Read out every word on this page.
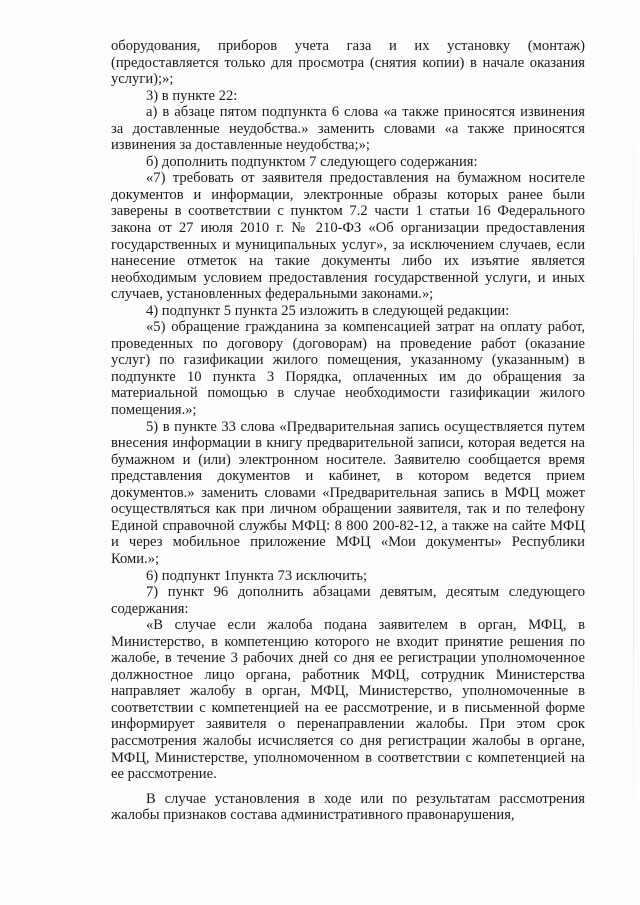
оборудования, приборов учета газа и их установку (монтаж) (предоставляется только для просмотра (снятия копии) в начале оказания услуги);»;

3) в пункте 22:

а) в абзаце пятом подпункта 6 слова «а также приносятся извинения за доставленные неудобства.» заменить словами «а также приносятся извинения за доставленные неудобства;»;

б) дополнить подпунктом 7 следующего содержания:

«7) требовать от заявителя предоставления на бумажном носителе документов и информации, электронные образы которых ранее были заверены в соответствии с пунктом 7.2 части 1 статьи 16 Федерального закона от 27 июля 2010 г. № 210-ФЗ «Об организации предоставления государственных и муниципальных услуг», за исключением случаев, если нанесение отметок на такие документы либо их изъятие является необходимым условием предоставления государственной услуги, и иных случаев, установленных федеральными законами.»;

4) подпункт 5 пункта 25 изложить в следующей редакции:

«5) обращение гражданина за компенсацией затрат на оплату работ, проведенных по договору (договорам) на проведение работ (оказание услуг) по газификации жилого помещения, указанному (указанным) в подпункте 10 пункта 3 Порядка, оплаченных им до обращения за материальной помощью в случае необходимости газификации жилого помещения.»;

5) в пункте 33 слова «Предварительная запись осуществляется путем внесения информации в книгу предварительной записи, которая ведется на бумажном и (или) электронном носителе. Заявителю сообщается время представления документов и кабинет, в котором ведется прием документов.» заменить словами «Предварительная запись в МФЦ может осуществляться как при личном обращении заявителя, так и по телефону Единой справочной службы МФЦ: 8 800 200-82-12, а также на сайте МФЦ и через мобильное приложение МФЦ «Мои документы» Республики Коми.»;

6) подпункт 1пункта 73 исключить;

7) пункт 96 дополнить абзацами девятым, десятым следующего содержания:

«В случае если жалоба подана заявителем в орган, МФЦ, в Министерство, в компетенцию которого не входит принятие решения по жалобе, в течение 3 рабочих дней со дня ее регистрации уполномоченное должностное лицо органа, работник МФЦ, сотрудник Министерства направляет жалобу в орган, МФЦ, Министерство, уполномоченные в соответствии с компетенцией на ее рассмотрение, и в письменной форме информирует заявителя о перенаправлении жалобы. При этом срок рассмотрения жалобы исчисляется со дня регистрации жалобы в органе, МФЦ, Министерстве, уполномоченном в соответствии с компетенцией на ее рассмотрение.

В случае установления в ходе или по результатам рассмотрения жалобы признаков состава административного правонарушения,
